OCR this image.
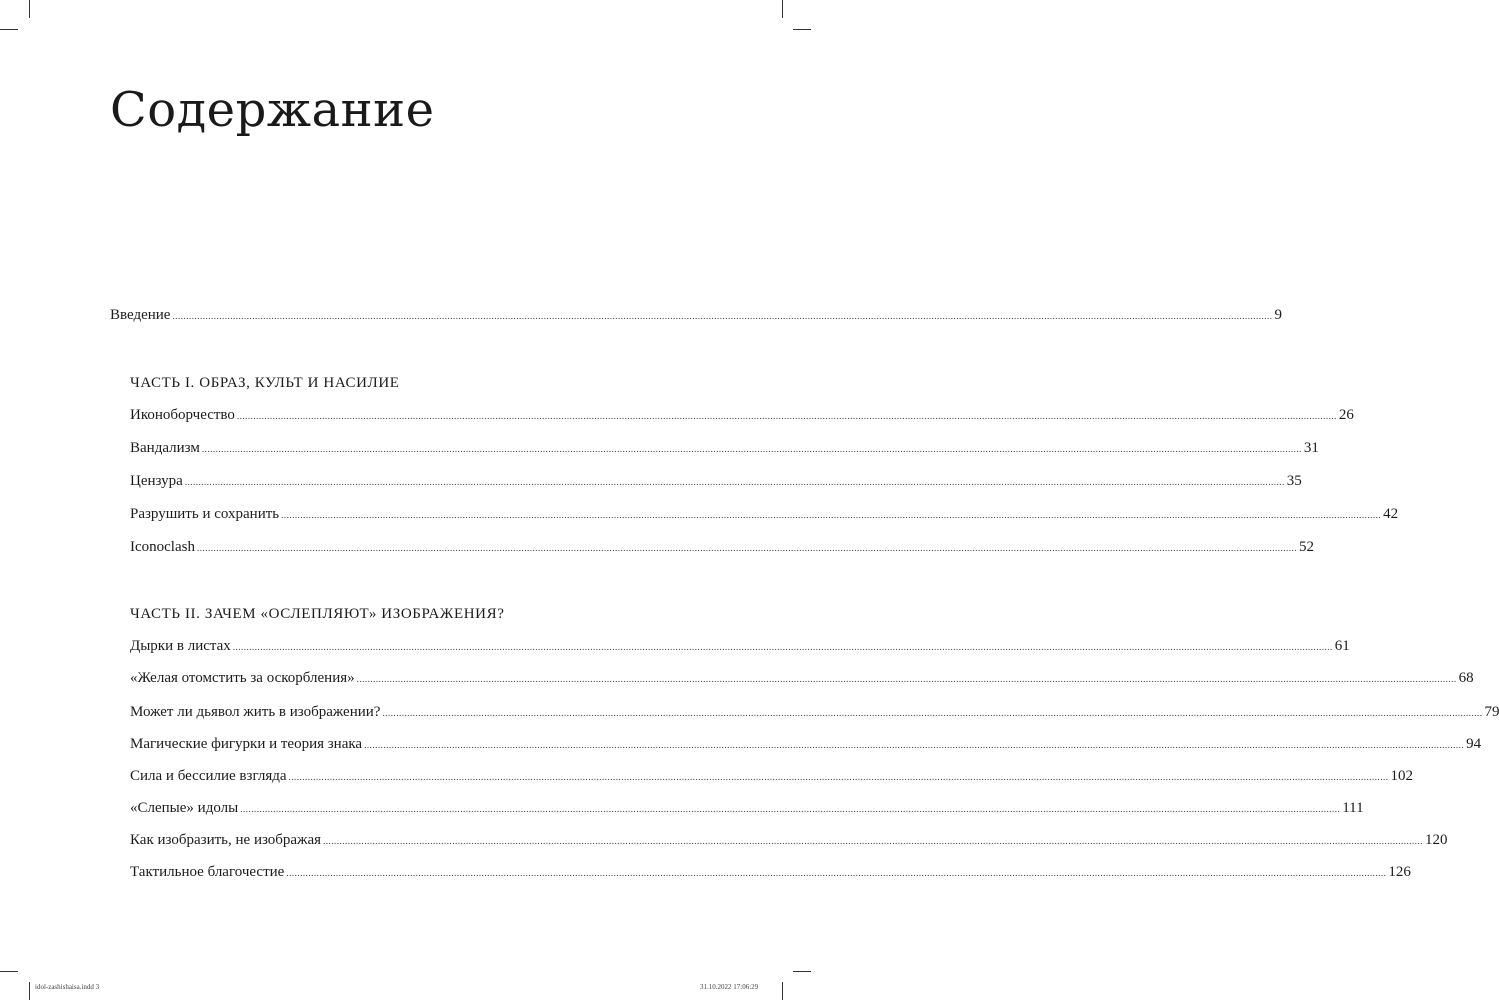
Содержание
Введение ................................................................................................................................................................................................................................................................................................................................................................................................................ 9
ЧАСТЬ I. ОБРАЗ, КУЛЬТ И НАСИЛИЕ
Иконоборчество ................................................................................................................................................................................................................................................................................................................................................................................................................ 26
Вандализм ................................................................................................................................................................................................................................................................................................................................................................................................................ 31
Цензура ................................................................................................................................................................................................................................................................................................................................................................................................................ 35
Разрушить и сохранить ................................................................................................................................................................................................................................................................................................................................................................................................................ 42
Iconoclash ................................................................................................................................................................................................................................................................................................................................................................................................................ 52
ЧАСТЬ II. ЗАЧЕМ «ОСЛЕПЛЯЮТ» ИЗОБРАЖЕНИЯ?
Дырки в листах ................................................................................................................................................................................................................................................................................................................................................................................................................ 61
«Желая отомстить за оскорбления» ................................................................................................................................................................................................................................................................................................................................................................................................................ 68
Может ли дьявол жить в изображении? ................................................................................................................................................................................................................................................................................................................................................................................................................ 79
Магические фигурки и теория знака ................................................................................................................................................................................................................................................................................................................................................................................................................ 94
Сила и бессилие взгляда ................................................................................................................................................................................................................................................................................................................................................................................................................ 102
«Слепые» идолы ................................................................................................................................................................................................................................................................................................................................................................................................................ 111
Как изобразить, не изображая ................................................................................................................................................................................................................................................................................................................................................................................................................ 120
Тактильное благочестие ................................................................................................................................................................................................................................................................................................................................................................................................................ 126
idol-zashishaisa.indd 3	31.10.2022 17:06:29
